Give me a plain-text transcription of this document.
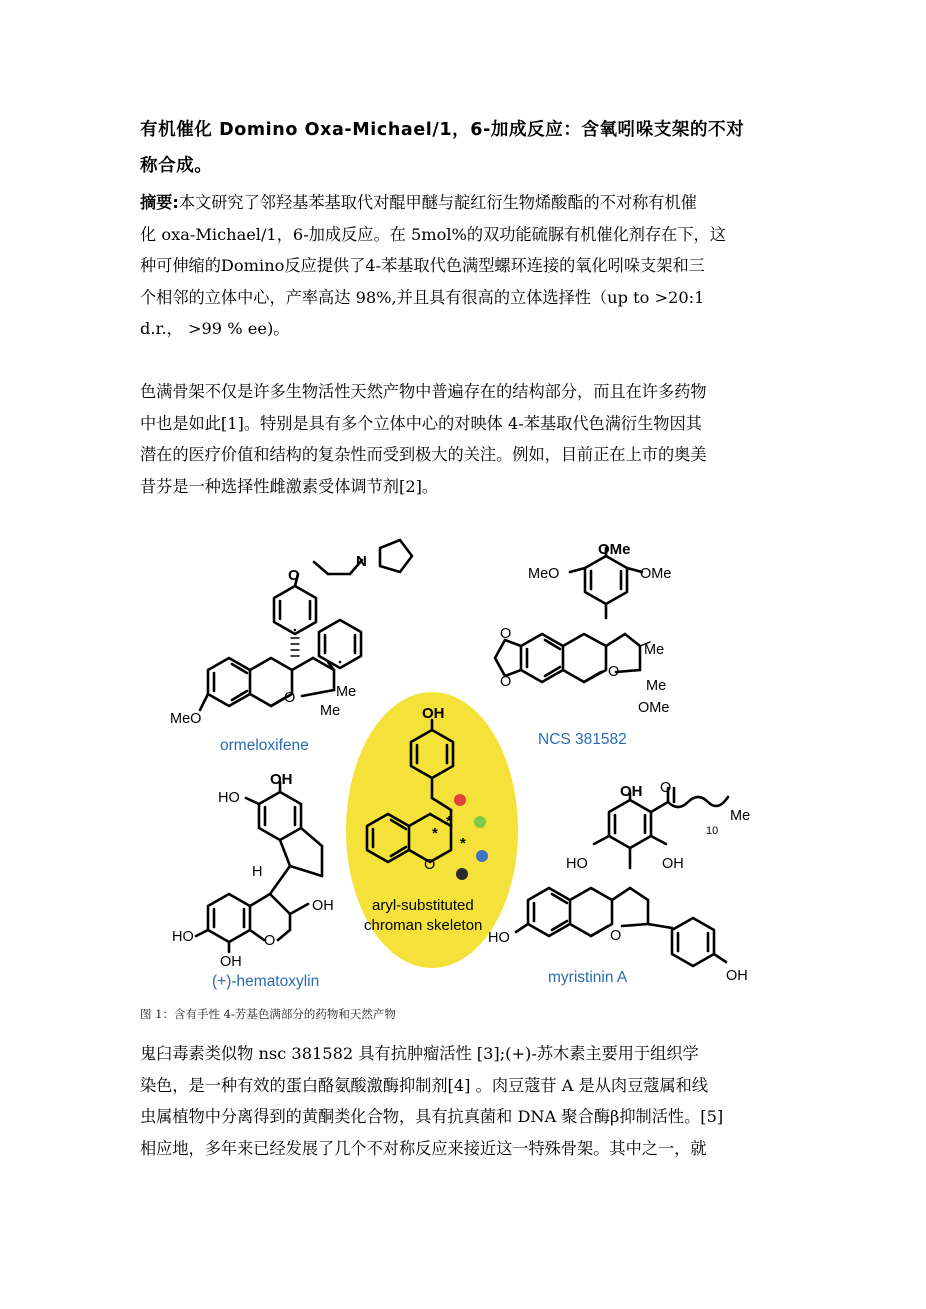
有机催化 Domino Oxa-Michael/1，6-加成反应：含氧吲哚支架的不对
称合成。
摘要:本文研究了邻羟基苯基取代对醌甲醚与靛红衍生物烯酸酯的不对称有机催
化 oxa-Michael/1，6-加成反应。在 5mol%的双功能硫脲有机催化剂存在下，这
种可伸缩的Domino反应提供了4-苯基取代色满型螺环连接的氧化吲哚支架和三
个相邻的立体中心，产率高达 98%,并且具有很高的立体选择性（up to >20:1
d.r.， >99 % ee)。
色满骨架不仅是许多生物活性天然产物中普遍存在的结构部分，而且在许多药物
中也是如此[1]。特别是具有多个立体中心的对映体 4-苯基取代色满衍生物因其
潜在的医疗价值和结构的复杂性而受到极大的关注。例如，目前正在上市的奥美
昔芬是一种选择性雌激素受体调节剂[2]。
O
N
O
MeO
Me
Me
ormeloxifene
OMe
MeO	OMe
Me
O
Me
OMe
O
O
NCS 381582
OH
HO
H
OH
O
HO
OH
(+)-hematoxylin
OH
O
*
*
*
aryl-substituted
chroman skeleton
OH O
Me
10
HO	OH
O
HO
OH
myristinin A
图 1：含有手性 4-芳基色满部分的药物和天然产物
鬼臼毒素类似物 nsc 381582 具有抗肿瘤活性 [3];(+)-苏木素主要用于组织学
染色，是一种有效的蛋白酪氨酸激酶抑制剂[4] 。肉豆蔻苷 A 是从肉豆蔻属和线
虫属植物中分离得到的黄酮类化合物，具有抗真菌和 DNA 聚合酶β抑制活性。[5]
相应地，多年来已经发展了几个不对称反应来接近这一特殊骨架。其中之一，就
